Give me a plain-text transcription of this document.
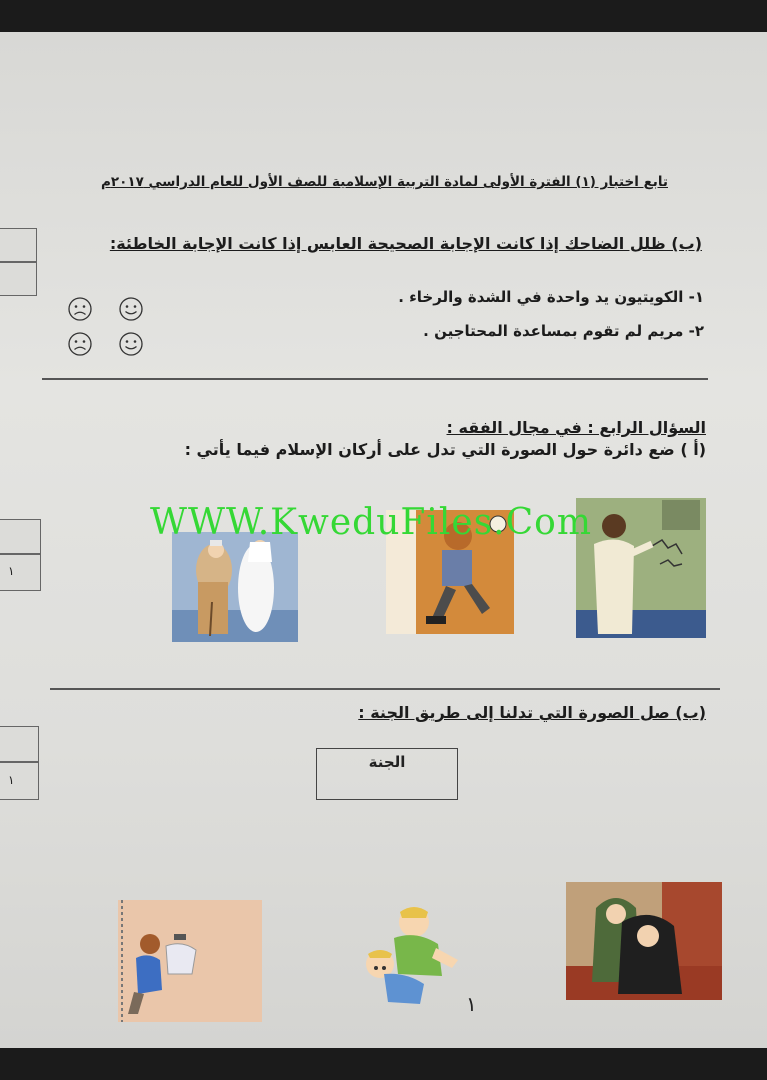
تابع اختبار (١) الفترة الأولى لمادة التربية الإسلامية للصف الأول للعام الدراسي ٢٠١٧م
١
١
(ب) ظلل الضاحك إذا كانت الإجابة الصحيحة العابس إذا كانت الإجابة الخاطئة:
١- الكويتيون يد واحدة في الشدة والرخاء .
٢- مريم لم تقوم بمساعدة المحتاجين .
السؤال الرابع : في مجال الفقه :
(أ ) ضع دائرة حول الصورة التي تدل على أركان الإسلام فيما يأتي :
WWW.KweduFiles.Com
(ب) صل الصورة التي تدلنا إلى طريق الجنة :
الجنة
١
